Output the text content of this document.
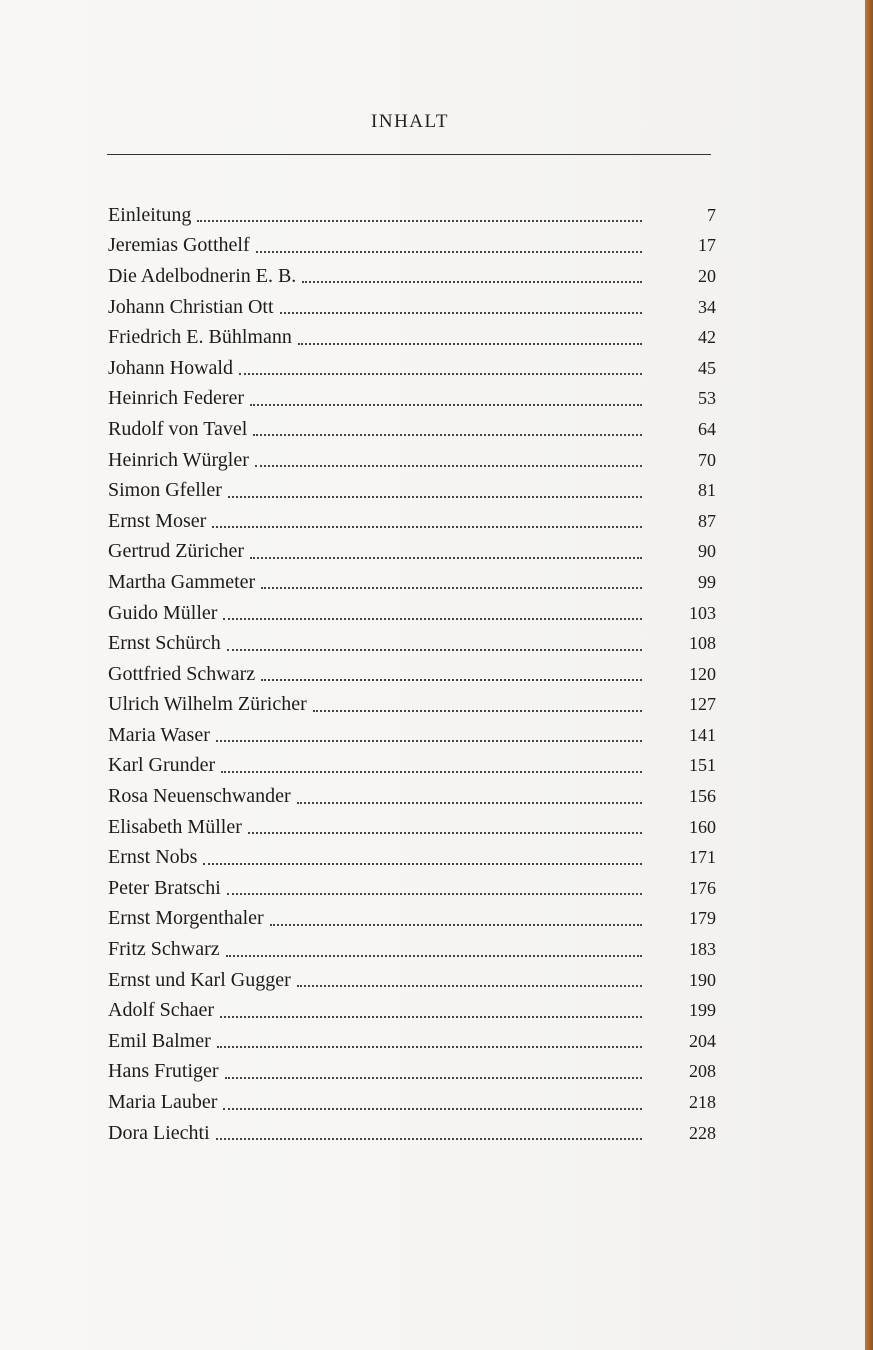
INHALT
Einleitung	7
Jeremias Gotthelf	17
Die Adelbodnerin E. B.	20
Johann Christian Ott	34
Friedrich E. Bühlmann	42
Johann Howald	45
Heinrich Federer	53
Rudolf von Tavel	64
Heinrich Würgler	70
Simon Gfeller	81
Ernst Moser	87
Gertrud Züricher	90
Martha Gammeter	99
Guido Müller	103
Ernst Schürch	108
Gottfried Schwarz	120
Ulrich Wilhelm Züricher	127
Maria Waser	141
Karl Grunder	151
Rosa Neuenschwander	156
Elisabeth Müller	160
Ernst Nobs	171
Peter Bratschi	176
Ernst Morgenthaler	179
Fritz Schwarz	183
Ernst und Karl Gugger	190
Adolf Schaer	199
Emil Balmer	204
Hans Frutiger	208
Maria Lauber	218
Dora Liechti	228
